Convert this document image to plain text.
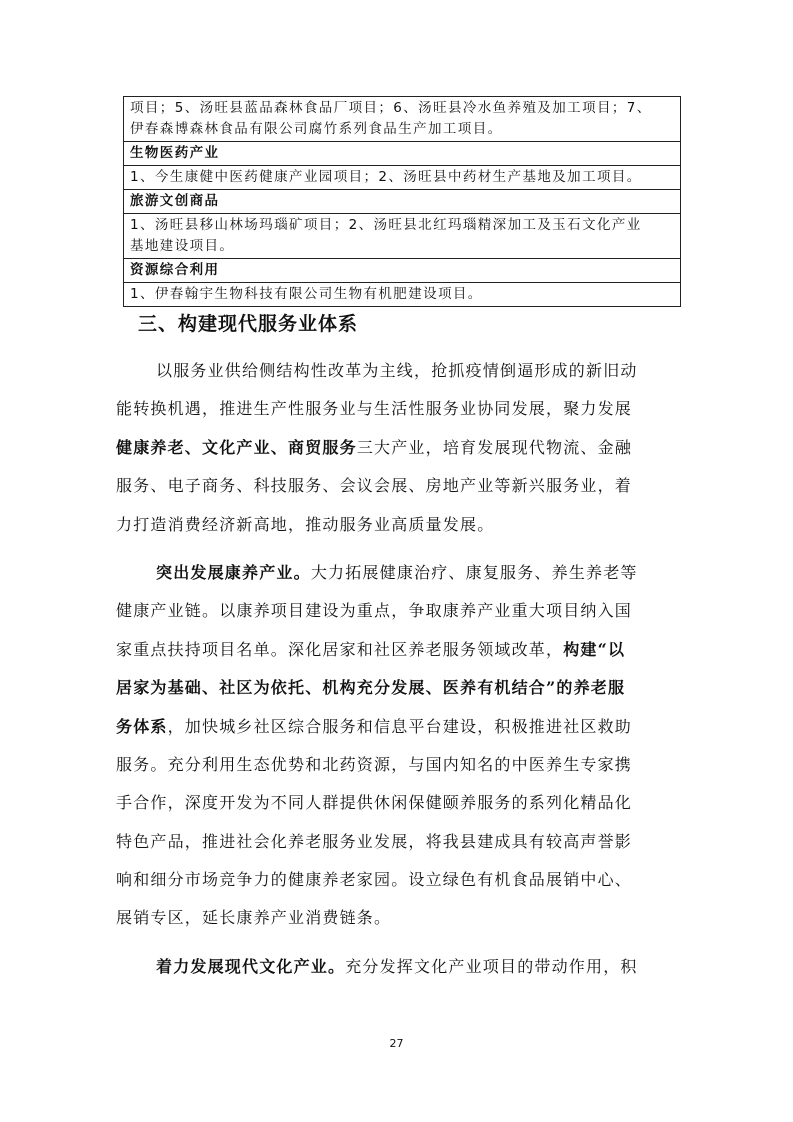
项目；5、汤旺县蓝品森林食品厂项目；6、汤旺县冷水鱼养殖及加工项目；7、
伊春森博森林食品有限公司腐竹系列食品生产加工项目。

生物医药产业

1、今生康健中医药健康产业园项目；2、汤旺县中药材生产基地及加工项目。

旅游文创商品

1、汤旺县移山林场玛瑙矿项目；2、汤旺县北红玛瑙精深加工及玉石文化产业
基地建设项目。

资源综合利用

1、伊春翰宇生物科技有限公司生物有机肥建设项目。
三、构建现代服务业体系
以服务业供给侧结构性改革为主线，抢抓疫情倒逼形成的新旧动
能转换机遇，推进生产性服务业与生活性服务业协同发展，聚力发展
健康养老、文化产业、商贸服务三大产业，培育发展现代物流、金融
服务、电子商务、科技服务、会议会展、房地产业等新兴服务业，着
力打造消费经济新高地，推动服务业高质量发展。
突出发展康养产业。大力拓展健康治疗、康复服务、养生养老等
健康产业链。以康养项目建设为重点，争取康养产业重大项目纳入国
家重点扶持项目名单。深化居家和社区养老服务领域改革，构建“以
居家为基础、社区为依托、机构充分发展、医养有机结合”的养老服
务体系，加快城乡社区综合服务和信息平台建设，积极推进社区救助
服务。充分利用生态优势和北药资源，与国内知名的中医养生专家携
手合作，深度开发为不同人群提供休闲保健颐养服务的系列化精品化
特色产品，推进社会化养老服务业发展，将我县建成具有较高声誉影
响和细分市场竞争力的健康养老家园。设立绿色有机食品展销中心、
展销专区，延长康养产业消费链条。
着力发展现代文化产业。充分发挥文化产业项目的带动作用，积
27
